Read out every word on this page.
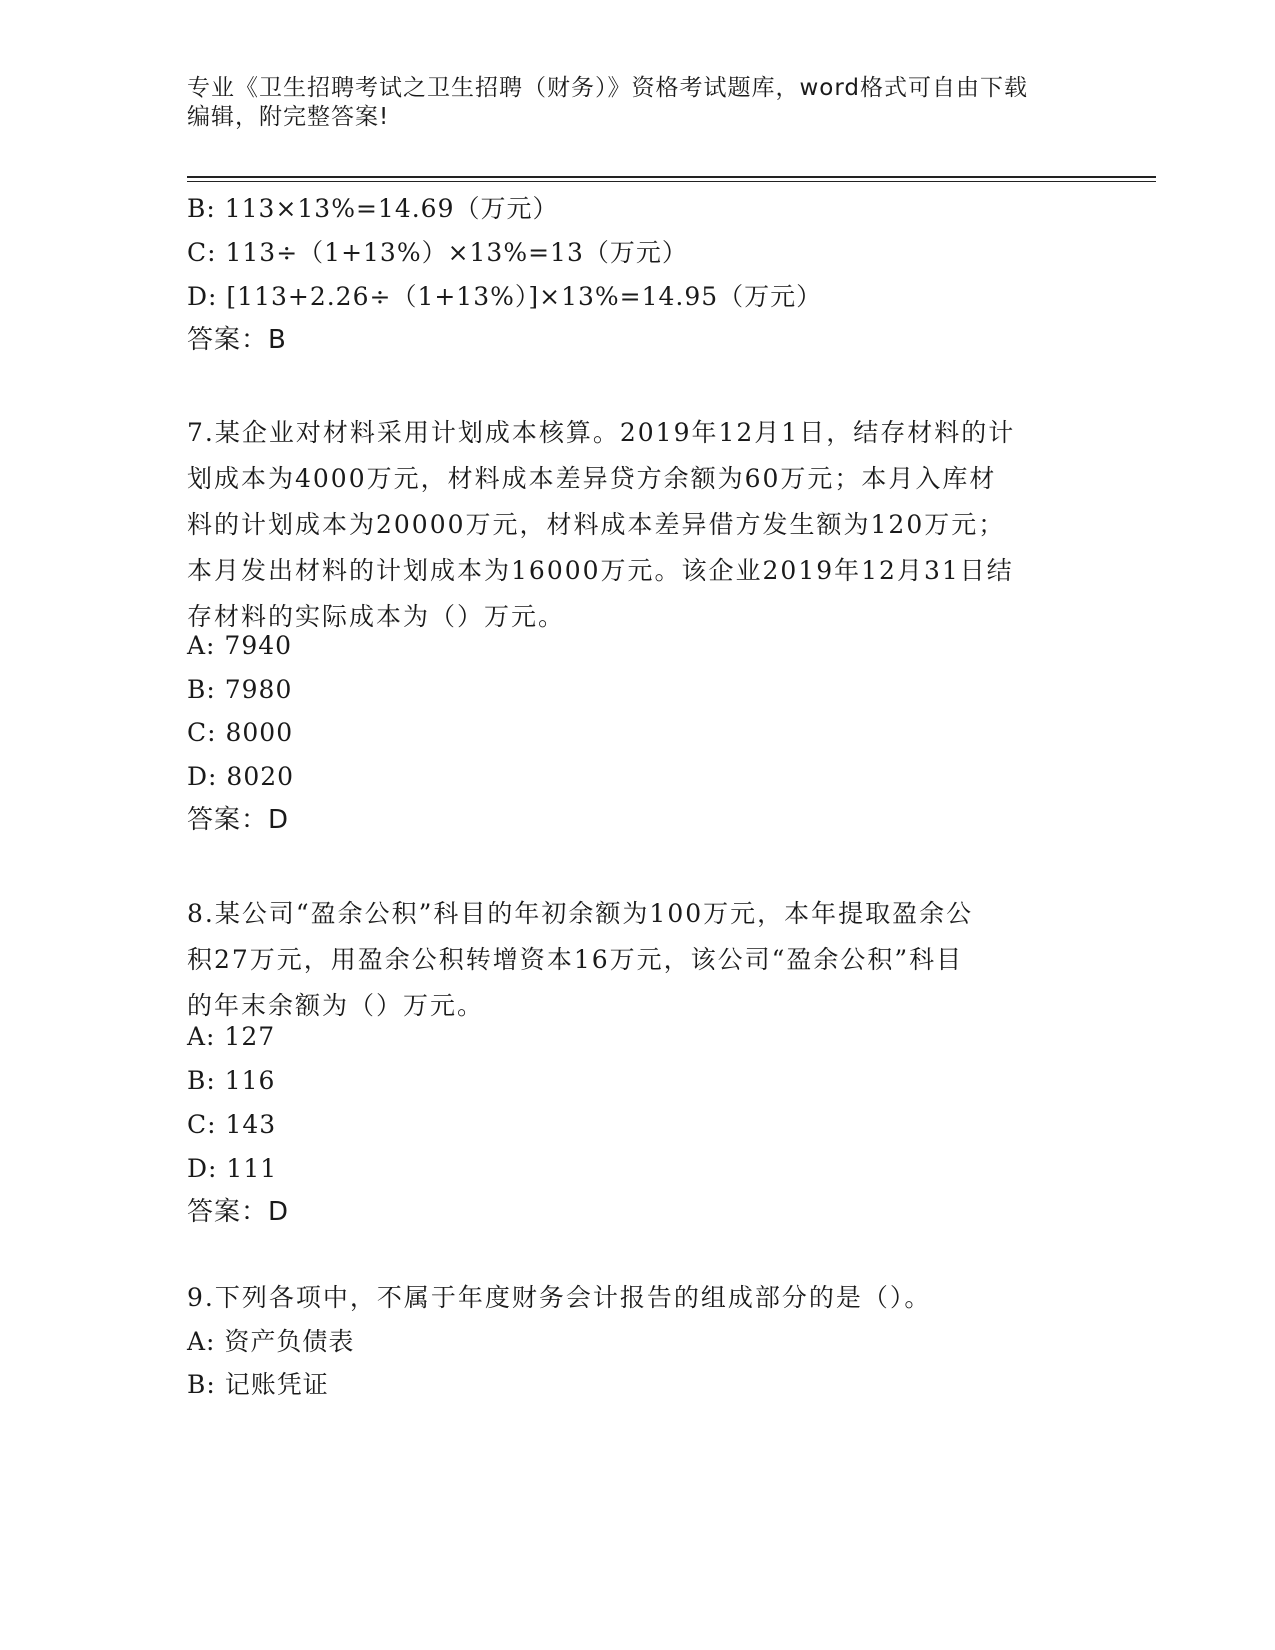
专业《卫生招聘考试之卫生招聘（财务）》资格考试题库，word格式可自由下载
编辑，附完整答案!
B: 113×13%=14.69（万元）
C: 113÷（1+13%）×13%=13（万元）
D: [113+2.26÷（1+13%）]×13%=14.95（万元）
答案：B
7.某企业对材料采用计划成本核算。2019年12月1日，结存材料的计
划成本为4000万元，材料成本差异贷方余额为60万元；本月入库材
料的计划成本为20000万元，材料成本差异借方发生额为120万元；
本月发出材料的计划成本为16000万元。该企业2019年12月31日结
存材料的实际成本为（）万元。
A: 7940
B: 7980
C: 8000
D: 8020
答案：D
8.某公司“盈余公积”科目的年初余额为100万元，本年提取盈余公
积27万元，用盈余公积转增资本16万元，该公司“盈余公积”科目
的年末余额为（）万元。
A: 127
B: 116
C: 143
D: 111
答案：D
9.下列各项中，不属于年度财务会计报告的组成部分的是（）。
A: 资产负债表
B: 记账凭证
